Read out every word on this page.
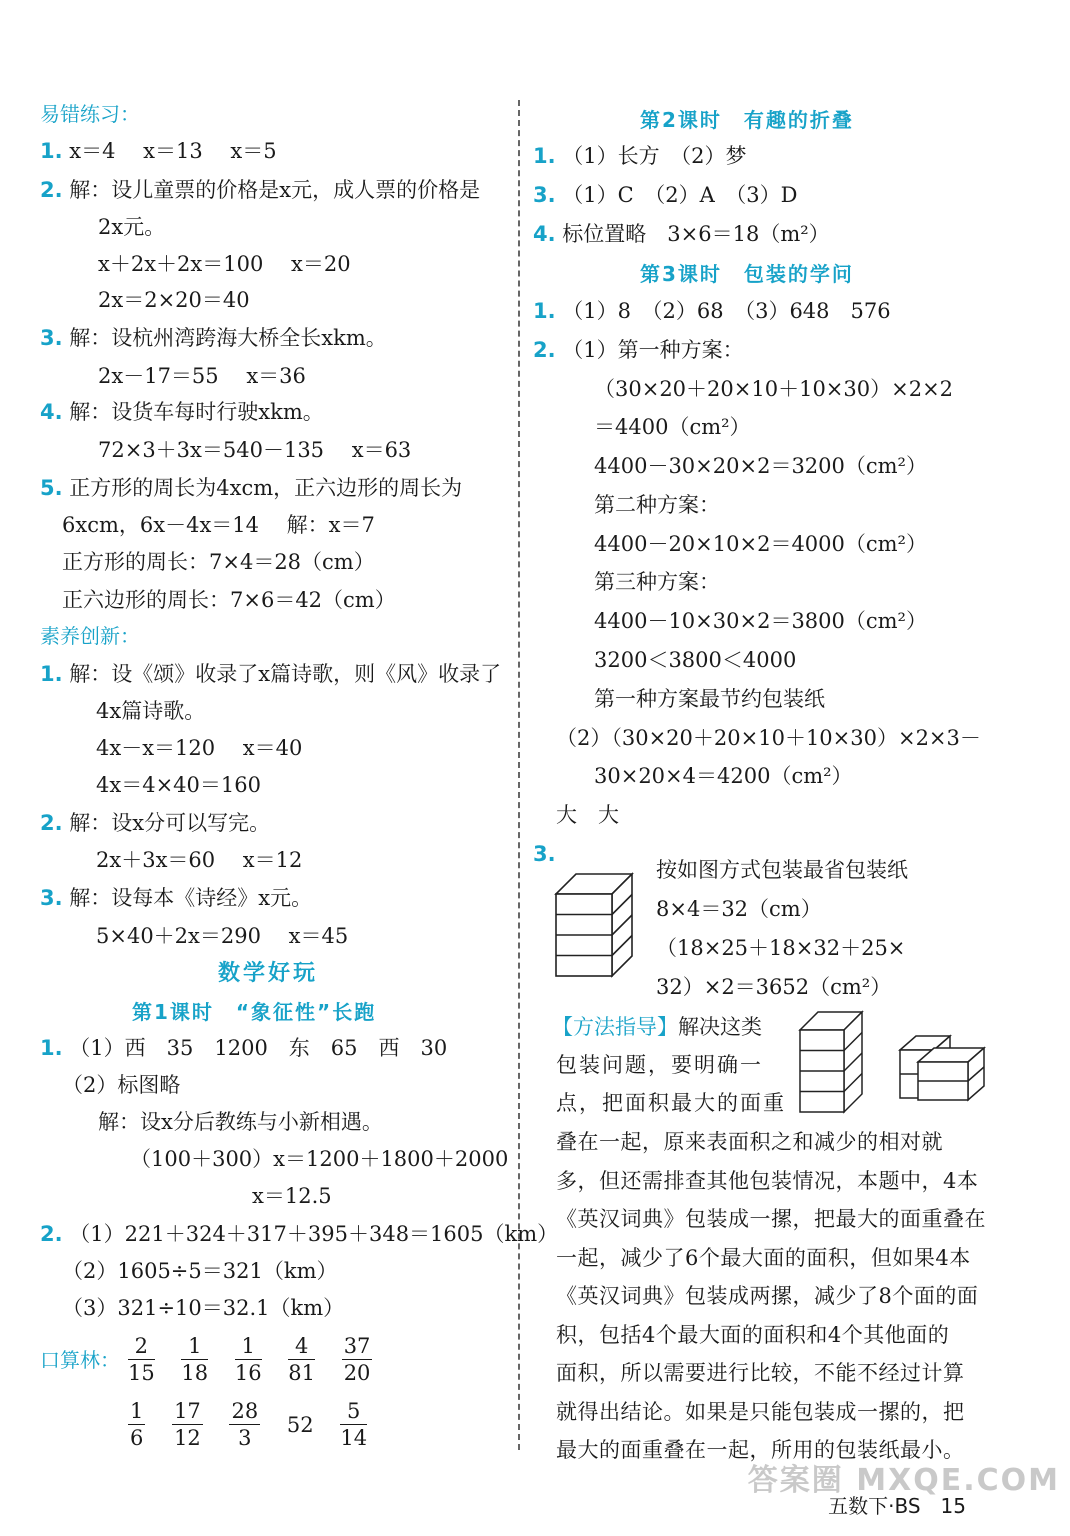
易错练习：
1. x＝4　 x＝13　 x＝5
2. 解：设儿童票的价格是x元，成人票的价格是
2x元。
x＋2x＋2x＝100　 x＝20
2x＝2×20＝40
3. 解：设杭州湾跨海大桥全长xkm。
2x－17＝55　 x＝36
4. 解：设货车每时行驶xkm。
72×3＋3x＝540－135　 x＝63
5. 正方形的周长为4xcm，正六边形的周长为
6xcm，6x－4x＝14　 解：x＝7
正方形的周长：7×4＝28（cm）
正六边形的周长：7×6＝42（cm）
素养创新：
1. 解：设《颂》收录了x篇诗歌，则《风》收录了
4x篇诗歌。
4x－x＝120　 x＝40
4x＝4×40＝160
2. 解：设x分可以写完。
2x＋3x＝60　 x＝12
3. 解：设每本《诗经》x元。
5×40＋2x＝290　 x＝45
数学好玩
第1课时　“象征性”长跑
1. （1）西　35　1200　东　65　西　30
（2）标图略
解：设x分后教练与小新相遇。
（100＋300）x＝1200＋1800＋2000
x＝12.5
2. （1）221＋324＋317＋395＋348＝1605（km）
（2）1605÷5＝321（km）
（3）321÷10＝32.1（km）
口算林： $\frac{2}{15}$
$\frac{1}{18}$
$\frac{1}{16}$
$\frac{4}{81}$
$\frac{37}{20}$
$\frac{1}{6}$
$\frac{17}{12}$
$\frac{28}{3} 52 \frac{5}{14}$
第2课时　有趣的折叠
1. （1）长方　（2）梦
3. （1）C　（2）A　（3）D
4. 标位置略　3×6＝18（m²）
第3课时　包装的学问
1. （1）8　（2）68　（3）648　576
2. （1）第一种方案：
（30×20＋20×10＋10×30）×2×2
＝4400（cm²）
4400－30×20×2＝3200（cm²）
第二种方案：
4400－20×10×2＝4000（cm²）
第三种方案：
4400－10×30×2＝3800（cm²）
3200＜3800＜4000
第一种方案最节约包装纸
（2）（30×20＋20×10＋10×30）×2×3－
30×20×4＝4200（cm²）
大　大
3.
按如图方式包装最省包装纸
8×4＝32（cm）
（18×25＋18×32＋25×
32）×2＝3652（cm²）
【方法指导】解决这类
包装问题，要明确一
点，把面积最大的面重
叠在一起，原来表面积之和减少的相对就
多，但还需排查其他包装情况，本题中，4本
《英汉词典》包装成一摞，把最大的面重叠在
一起，减少了6个最大面的面积，但如果4本
《英汉词典》包装成两摞，减少了8个面的面
积，包括4个最大面的面积和4个其他面的
面积，所以需要进行比较，不能不经过计算
就得出结论。如果是只能包装成一摞的，把
最大的面重叠在一起，所用的包装纸最小。
五数下·BS　15
答案圈 MXQE.COM
